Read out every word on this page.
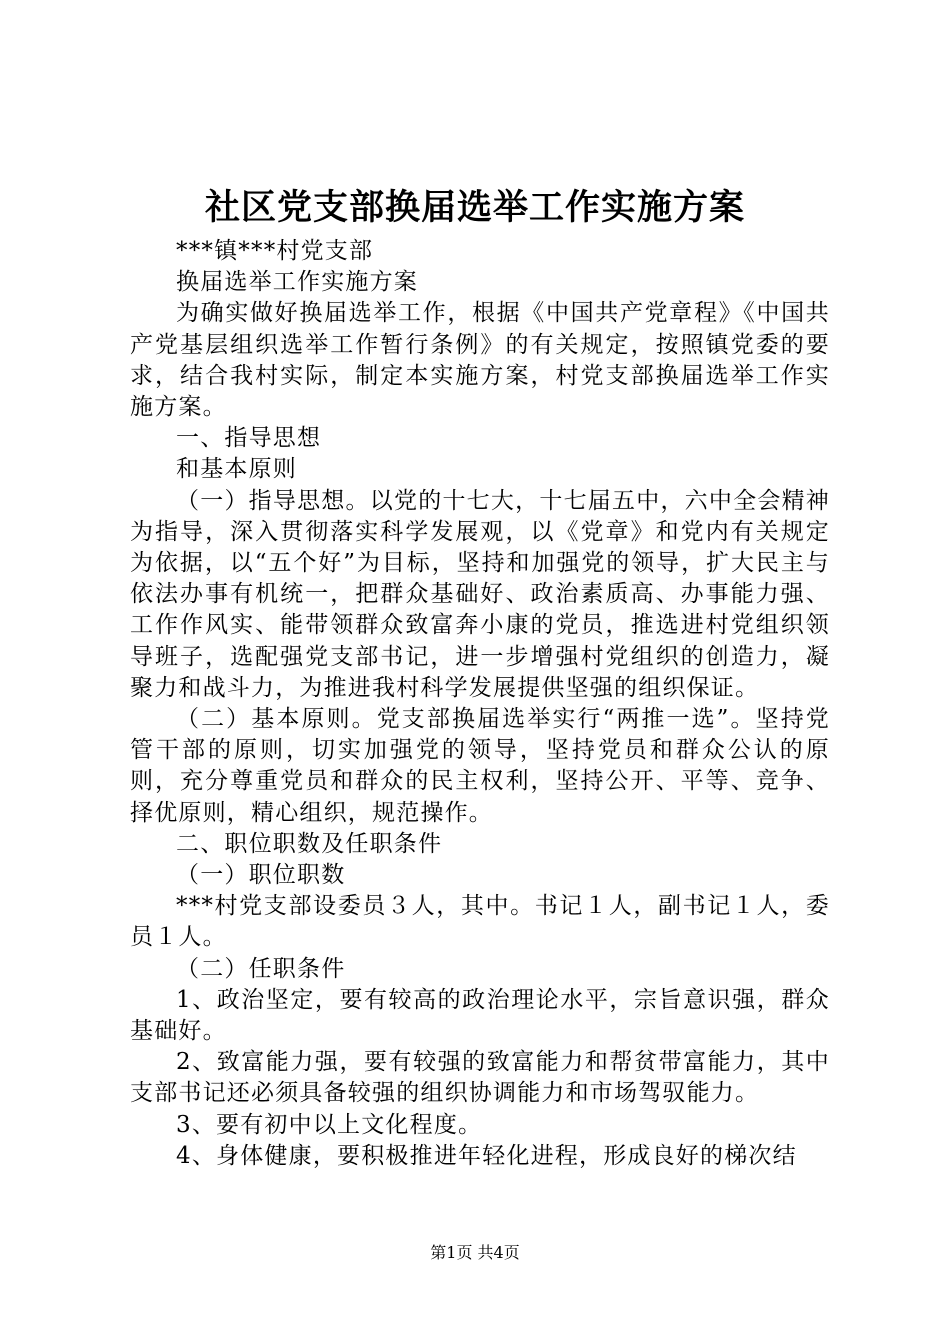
社区党支部换届选举工作实施方案

***镇***村党支部

换届选举工作实施方案

为确实做好换届选举工作，根据《中国共产党章程》《中国共产党基层组织选举工作暂行条例》的有关规定，按照镇党委的要求，结合我村实际，制定本实施方案，村党支部换届选举工作实施方案。

一、指导思想

和基本原则

（一）指导思想。以党的十七大，十七届五中，六中全会精神为指导，深入贯彻落实科学发展观，以《党章》和党内有关规定为依据，以“五个好”为目标，坚持和加强党的领导，扩大民主与依法办事有机统一，把群众基础好、政治素质高、办事能力强、工作作风实、能带领群众致富奔小康的党员，推选进村党组织领导班子，选配强党支部书记，进一步增强村党组织的创造力，凝聚力和战斗力，为推进我村科学发展提供坚强的组织保证。

（二）基本原则。党支部换届选举实行“两推一选”。坚持党管干部的原则，切实加强党的领导，坚持党员和群众公认的原则，充分尊重党员和群众的民主权利，坚持公开、平等、竞争、择优原则，精心组织，规范操作。

二、职位职数及任职条件

（一）职位职数

***村党支部设委员３人，其中。书记１人，副书记１人，委员１人。

（二）任职条件

1、政治坚定，要有较高的政治理论水平，宗旨意识强，群众基础好。

2、致富能力强，要有较强的致富能力和帮贫带富能力，其中支部书记还必须具备较强的组织协调能力和市场驾驭能力。

3、要有初中以上文化程度。

4、身体健康，要积极推进年轻化进程，形成良好的梯次结

第1页 共4页
